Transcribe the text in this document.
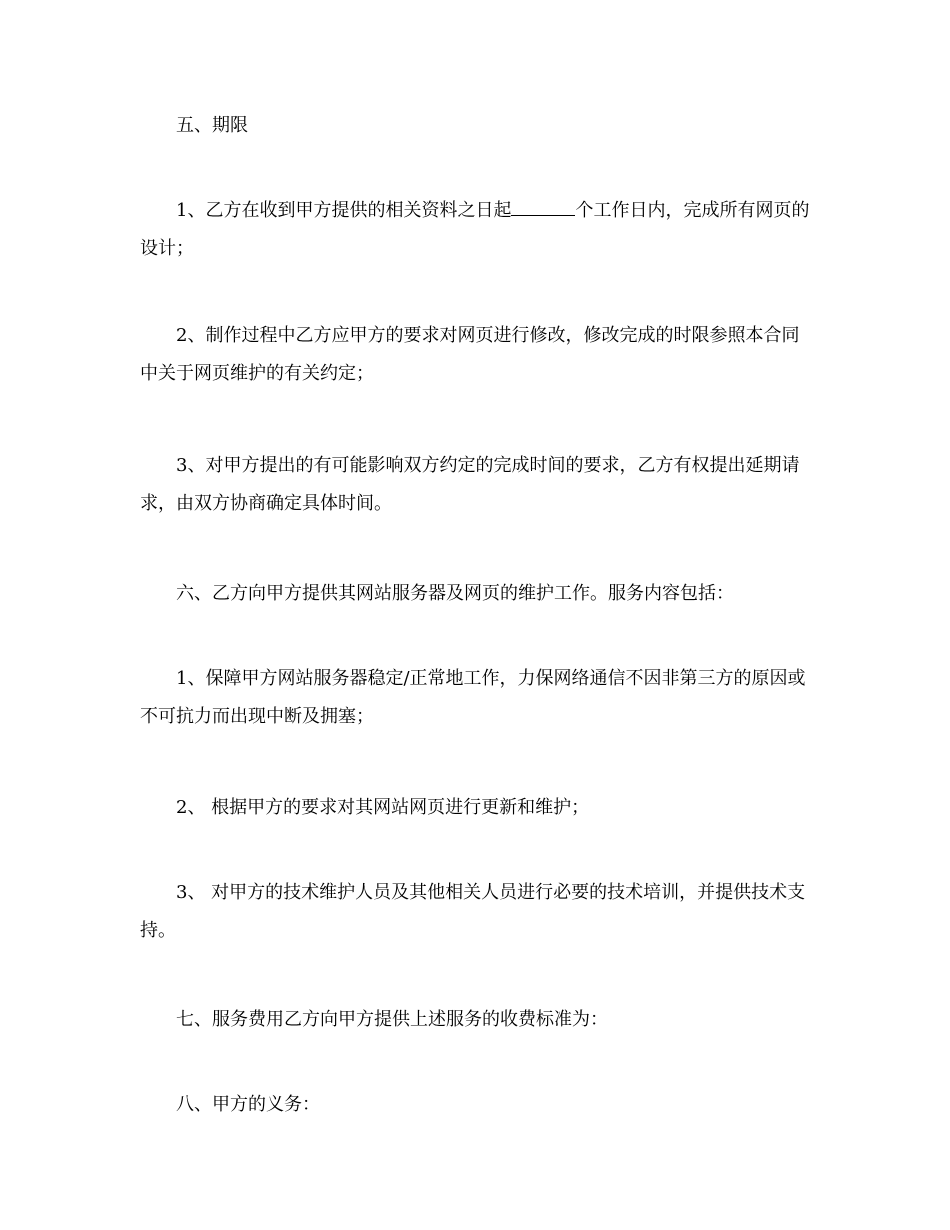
五、期限

1、乙方在收到甲方提供的相关资料之日起	个工作日内，完成所有网页的设计；

2、制作过程中乙方应甲方的要求对网页进行修改，修改完成的时限参照本合同中关于网页维护的有关约定；

3、对甲方提出的有可能影响双方约定的完成时间的要求，乙方有权提出延期请求，由双方协商确定具体时间。

六、乙方向甲方提供其网站服务器及网页的维护工作。服务内容包括：

1、保障甲方网站服务器稳定/正常地工作，力保网络通信不因非第三方的原因或不可抗力而出现中断及拥塞；

2、 根据甲方的要求对其网站网页进行更新和维护；

3、 对甲方的技术维护人员及其他相关人员进行必要的技术培训，并提供技术支持。

七、服务费用乙方向甲方提供上述服务的收费标准为：

八、甲方的义务：
